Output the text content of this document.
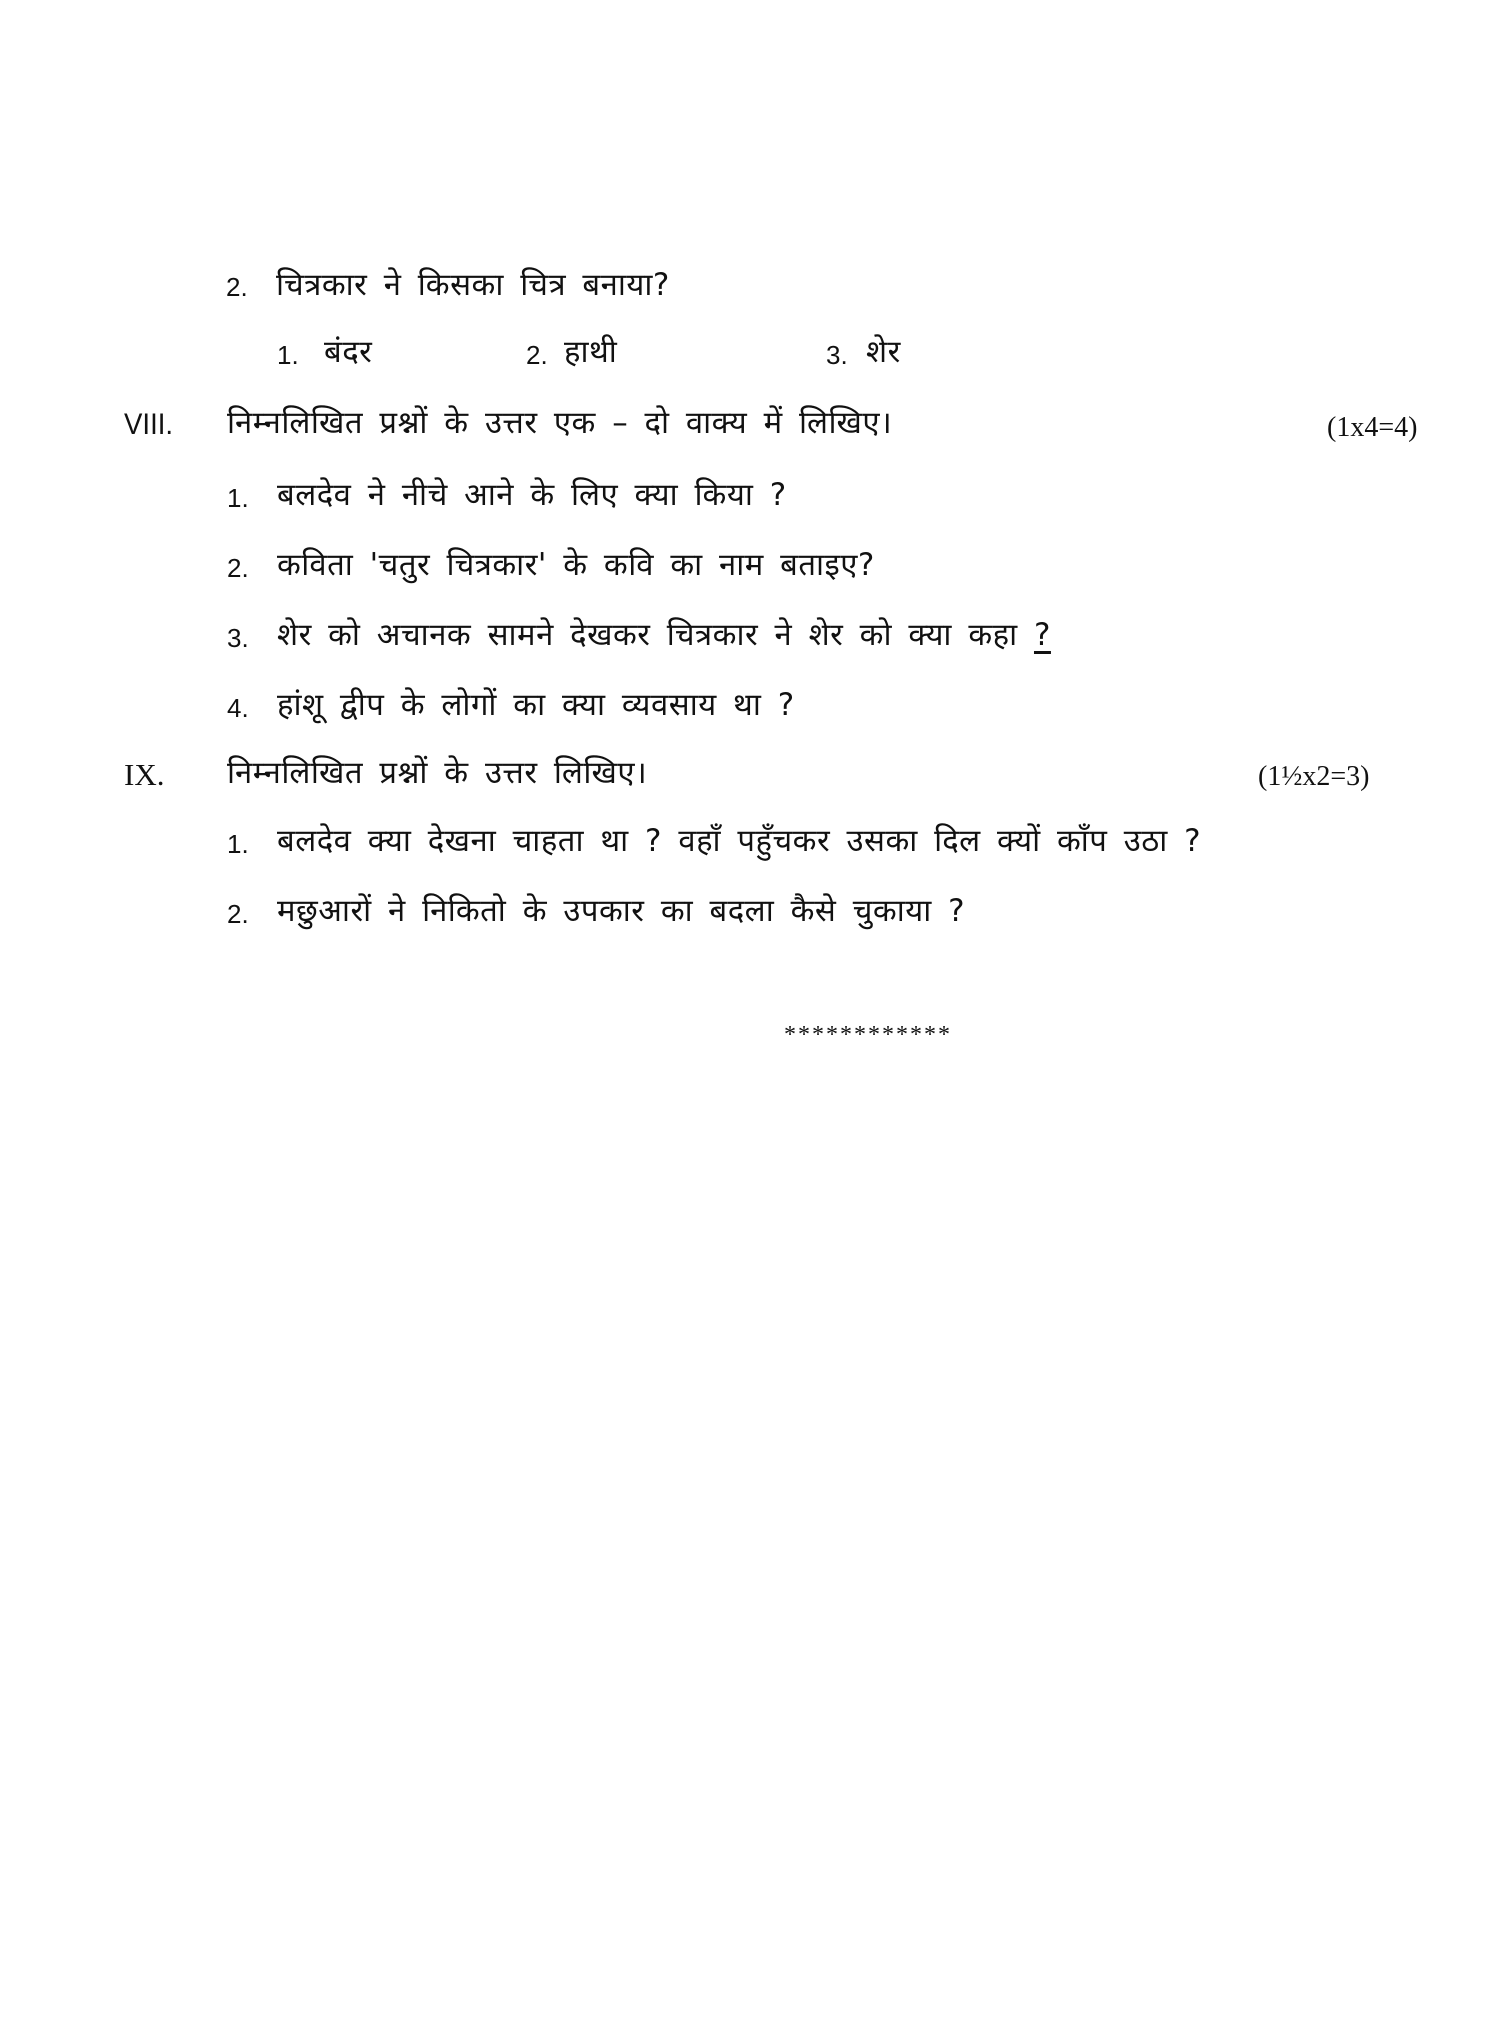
2. चित्रकार ने किसका चित्र बनाया?
1. बंदर	2. हाथी	3. शेर
VIII. निम्नलिखित प्रश्नों के उत्तर एक – दो वाक्य में लिखिए।	(1x4=4)
1. बलदेव ने नीचे आने के लिए क्या किया ?
2. कविता 'चतुर चित्रकार' के कवि का नाम बताइए?
3. शेर को अचानक सामने देखकर चित्रकार ने शेर को क्या कहा ?
4. हांशू द्वीप के लोगों का क्या व्यवसाय था ?
IX. निम्नलिखित प्रश्नों के उत्तर लिखिए।	(1½x2=3)
1. बलदेव क्या देखना चाहता था ? वहाँ पहुँचकर उसका दिल क्यों काँप उठा ?
2. मछुआरों ने निकितो के उपकार का बदला कैसे चुकाया ?
************
